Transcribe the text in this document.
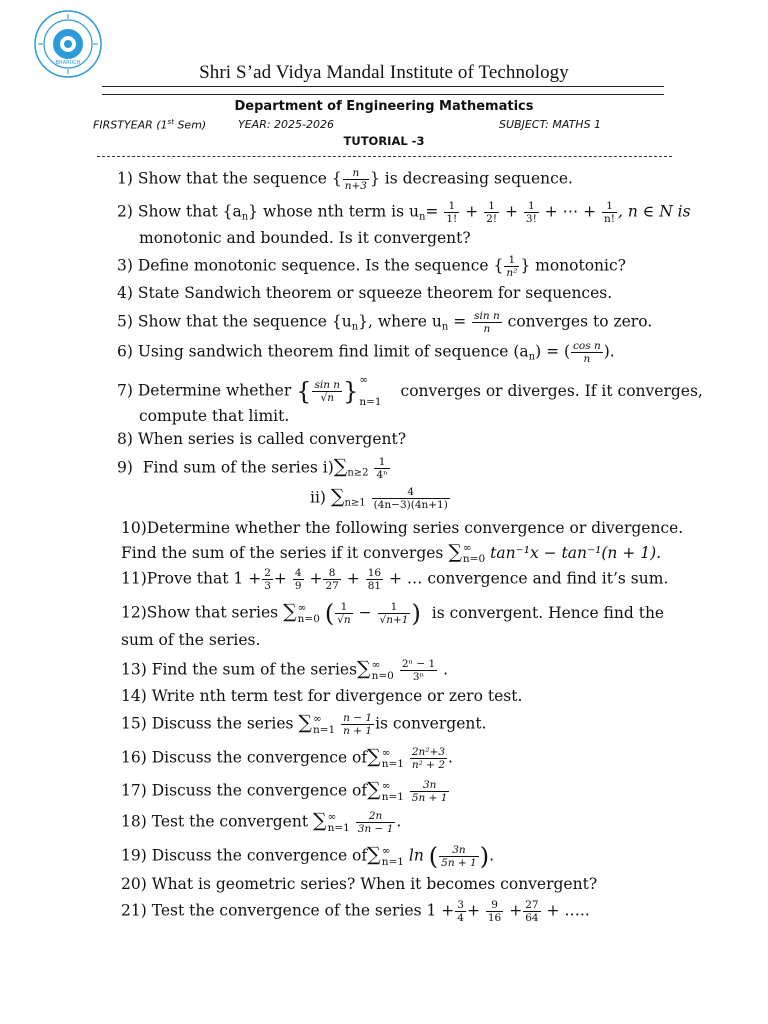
BHARUCH	Shri S’ad Vidya Mandal Institute of Technology
Department of Engineering Mathematics
FIRSTYEAR (1st Sem)	YEAR: 2025-2026	SUBJECT: MATHS 1
TUTORIAL -3
1) Show that the sequence { $\frac{n}{n+3}$ } is decreasing sequence.
2) Show that $\{a_n\}$ whose nth term is $u_n= \frac{1}{1!} + \frac{1}{2!} + \frac{1}{3!}$ + ⋯ + $\frac{1}{n!}$ , n ∈ N is
monotonic and bounded. Is it convergent?
3) Define monotonic sequence. Is the sequence { $\frac{1}{\text{n²}}$ } monotonic?
4) State Sandwich theorem or squeeze theorem for sequences.
5) Show that the sequence $\{u_n\}$, where $u_n = \frac{\text{sin n}}{n}$ converges to zero.
6) Using sandwich theorem find limit of sequence $(a_n)$ = ( $\frac{\text{cos n}}{n}$ ).
7) Determine whether { $\frac{\text{sin n}}{√n}$ } ∞

n=1
converges or diverges. If it converges,
compute that limit.
8) When series is called convergent?
9) Find sum of the series $i)\sum_{n\ge 2} \frac{1}{\text{4ⁿ}}$
ii) $\sum_{n\ge 1} \frac{4}{(4n-3)(4n+1)}$
10)Determine whether the following series convergence or divergence.
Find the sum of the series if it converges ∑ ∞
n=0 tan⁻¹x − tan⁻¹(n + 1).
11)Prove that $1 + \frac{2}{3} + \frac{4}{9} + \frac{8}{27} + \frac{16}{81}$ + … convergence and find it’s sum.
12)Show that series ∑ ∞
n=0 ( $\frac{1}{√n} - \frac{1}{√n+1}$ ) is convergent. Hence find the
sum of the series.
13) Find the sum of the series∑ ∞
n=0
$\frac{\text{2ⁿ − 1}}{\text{3ⁿ}}$ .
14) Write nth term test for divergence or zero test.
15) Discuss the series ∑ ∞
n=1
$\frac{n - 1}{n + 1}$ is convergent.
16) Discuss the convergence of∑ ∞
n=1
$\frac{\text{2n²+3}}{\text{n² + 2}}$ .
17) Discuss the convergence of∑ ∞
n=1
$\frac{3n}{5n + 1}$
18) Test the convergent ∑ ∞
n=1
$\frac{2n}{3n - 1}$ .
19) Discuss the convergence of∑ ∞
n=1 ln ( $\frac{3n}{5n + 1}$ ).
20) What is geometric series? When it becomes convergent?
21) Test the convergence of the series $1 + \frac{3}{4} + \frac{9}{16} + \frac{27}{64}$ + …..
